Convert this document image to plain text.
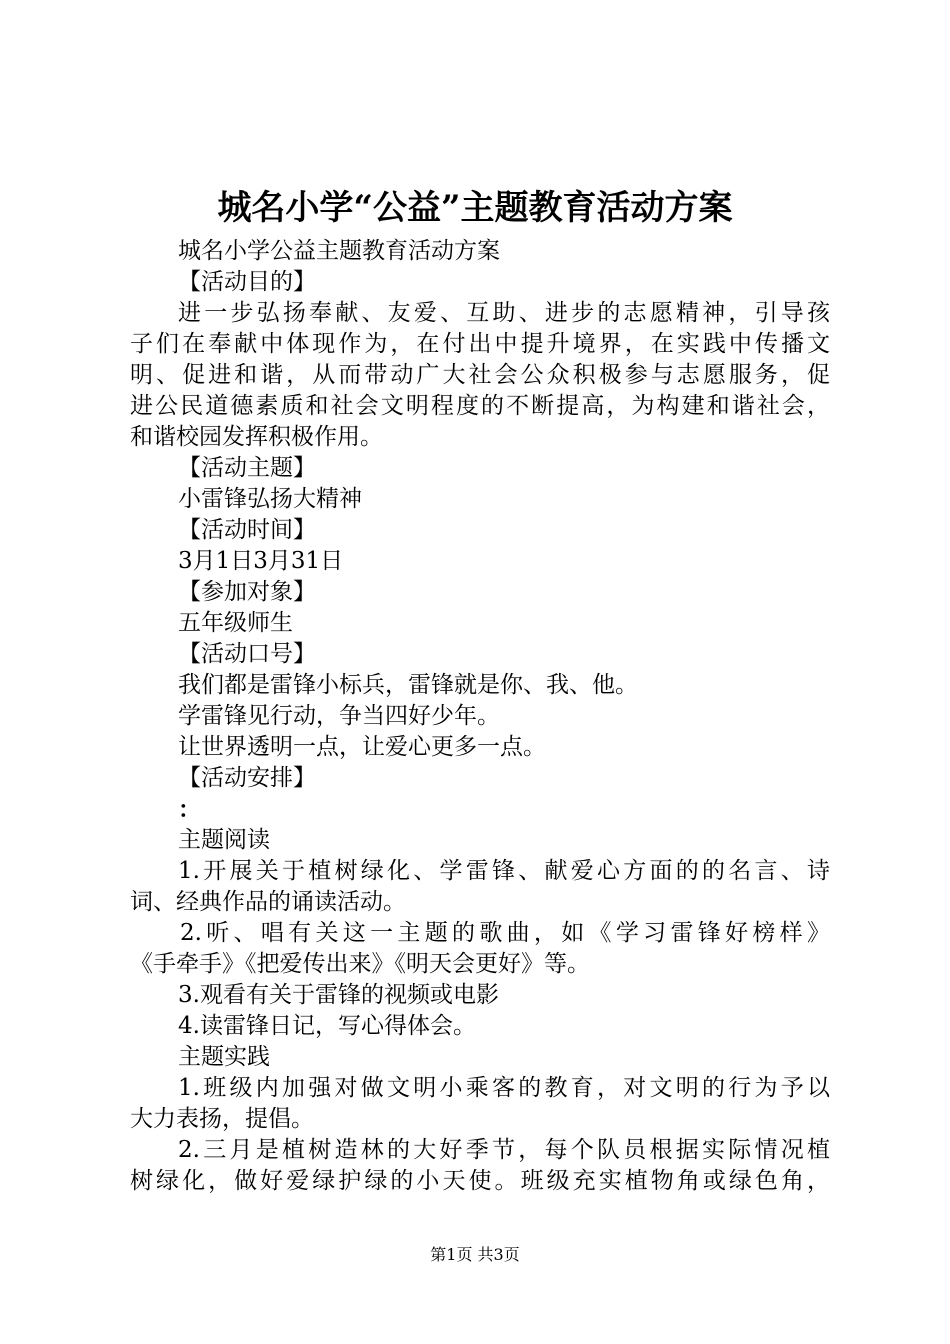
城名小学“公益”主题教育活动方案
城名小学公益主题教育活动方案
【活动目的】
进一步弘扬奉献、友爱、互助、进步的志愿精神，引导孩
子们在奉献中体现作为，在付出中提升境界，在实践中传播文
明、促进和谐，从而带动广大社会公众积极参与志愿服务，促
进公民道德素质和社会文明程度的不断提高，为构建和谐社会，
和谐校园发挥积极作用。
【活动主题】
小雷锋弘扬大精神
【活动时间】
3月1日3月31日
【参加对象】
五年级师生
【活动口号】
我们都是雷锋小标兵，雷锋就是你、我、他。
学雷锋见行动，争当四好少年。
让世界透明一点，让爱心更多一点。
【活动安排】
：
主题阅读
1.开展关于植树绿化、学雷锋、献爱心方面的的名言、诗
词、经典作品的诵读活动。
2.听、唱有关这一主题的歌曲，如《学习雷锋好榜样》
《手牵手》《把爱传出来》《明天会更好》等。
3.观看有关于雷锋的视频或电影
4.读雷锋日记，写心得体会。
主题实践
1.班级内加强对做文明小乘客的教育，对文明的行为予以
大力表扬，提倡。
2.三月是植树造林的大好季节，每个队员根据实际情况植
树绿化，做好爱绿护绿的小天使。班级充实植物角或绿色角，
第1页 共3页
